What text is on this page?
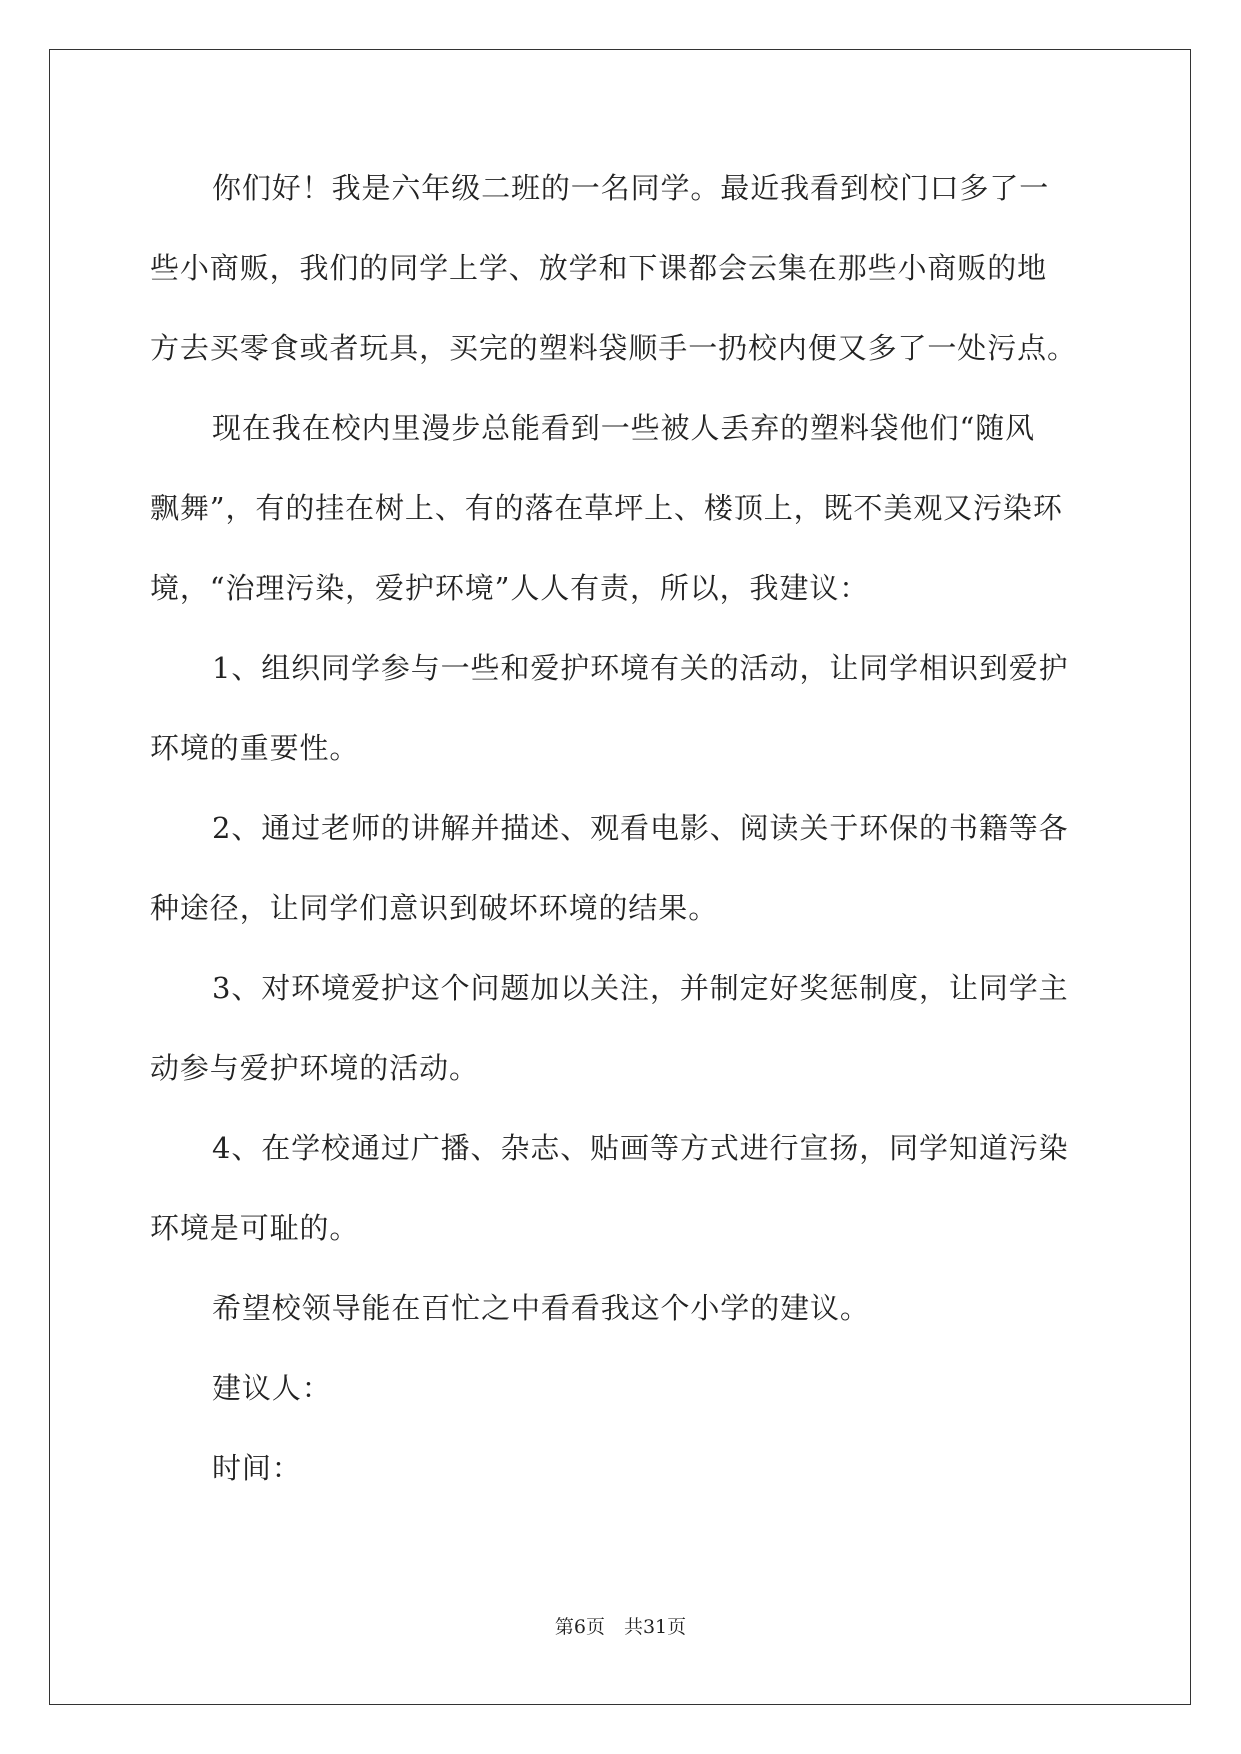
你们好！我是六年级二班的一名同学。最近我看到校门口多了一
些小商贩，我们的同学上学、放学和下课都会云集在那些小商贩的地
方去买零食或者玩具，买完的塑料袋顺手一扔校内便又多了一处污点。
现在我在校内里漫步总能看到一些被人丢弃的塑料袋他们“随风
飘舞”，有的挂在树上、有的落在草坪上、楼顶上，既不美观又污染环
境，“治理污染，爱护环境”人人有责，所以，我建议：
1、组织同学参与一些和爱护环境有关的活动，让同学相识到爱护
环境的重要性。
2、通过老师的讲解并描述、观看电影、阅读关于环保的书籍等各
种途径，让同学们意识到破坏环境的结果。
3、对环境爱护这个问题加以关注，并制定好奖惩制度，让同学主
动参与爱护环境的活动。
4、在学校通过广播、杂志、贴画等方式进行宣扬，同学知道污染
环境是可耻的。
希望校领导能在百忙之中看看我这个小学的建议。
建议人：
时间：
第6页　共31页
